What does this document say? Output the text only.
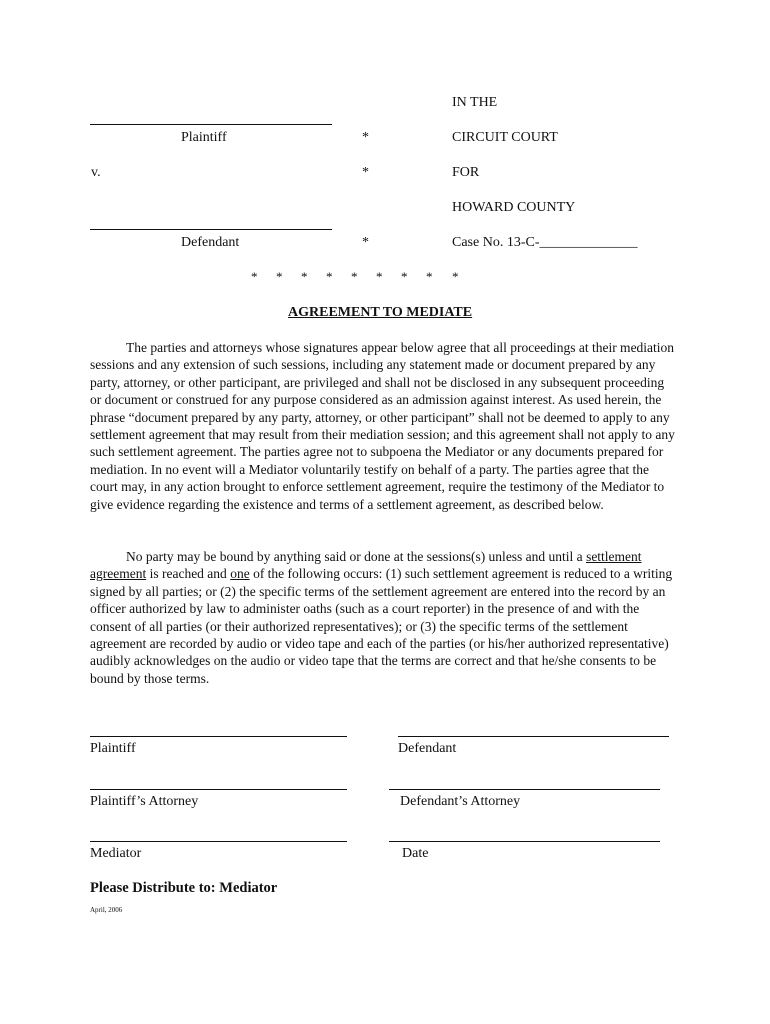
IN THE
Plaintiff	*	CIRCUIT COURT
v.	*	FOR
HOWARD COUNTY
Defendant	*	Case No. 13-C-______________
* * * * * * * * *
AGREEMENT TO MEDIATE
The parties and attorneys whose signatures appear below agree that all proceedings at their mediation sessions and any extension of such sessions, including any statement made or document prepared by any party, attorney, or other participant, are privileged and shall not be disclosed in any subsequent proceeding or document or construed for any purpose considered as an admission against interest. As used herein, the phrase “document prepared by any party, attorney, or other participant” shall not be deemed to apply to any settlement agreement that may result from their mediation session; and this agreement shall not apply to any such settlement agreement. The parties agree not to subpoena the Mediator or any documents prepared for mediation. In no event will a Mediator voluntarily testify on behalf of a party. The parties agree that the court may, in any action brought to enforce settlement agreement, require the testimony of the Mediator to give evidence regarding the existence and terms of a settlement agreement, as described below.
No party may be bound by anything said or done at the sessions(s) unless and until a settlement agreement is reached and one of the following occurs: (1) such settlement agreement is reduced to a writing signed by all parties; or (2) the specific terms of the settlement agreement are entered into the record by an officer authorized by law to administer oaths (such as a court reporter) in the presence of and with the consent of all parties (or their authorized representatives); or (3) the specific terms of the settlement agreement are recorded by audio or video tape and each of the parties (or his/her authorized representative) audibly acknowledges on the audio or video tape that the terms are correct and that he/she consents to be bound by those terms.
Plaintiff	Defendant
Plaintiff’s Attorney	Defendant’s Attorney
Mediator	Date
Please Distribute to: Mediator
April, 2006
